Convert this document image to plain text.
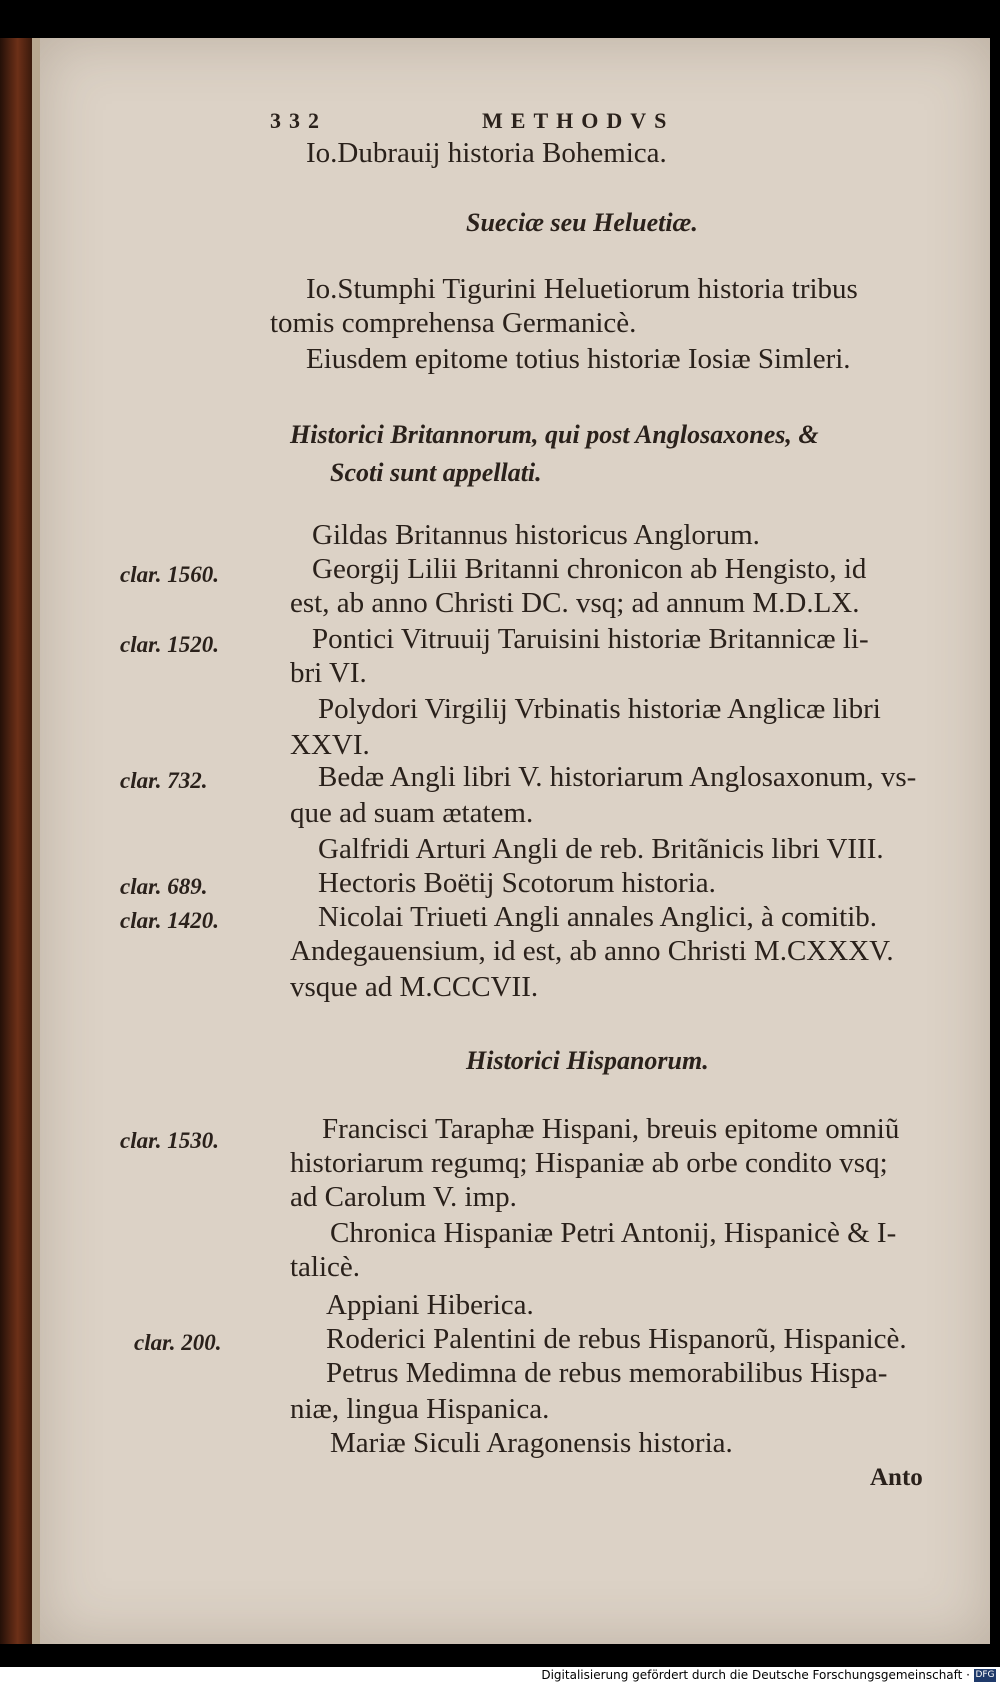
332	METHODVS
Io.Dubrauij historia Bohemica.
Sueciæ seu Heluetiæ.
Io.Stumphi Tigurini Heluetiorum historia tribus
tomis comprehensa Germanicè.
Eiusdem epitome totius historiæ Iosiæ Simleri.
Historici Britannorum, qui post Anglosaxones, &
Scoti sunt appellati.
Gildas Britannus historicus Anglorum.
Georgij Lilii Britanni chronicon ab Hengisto, id
est, ab anno Christi DC. vsq; ad annum M.D.LX.
Pontici Vitruuij Taruisini historiæ Britannicæ li-
bri VI.
Polydori Virgilij Vrbinatis historiæ Anglicæ libri
XXVI.
Bedæ Angli libri V. historiarum Anglosaxonum, vs-
que ad suam ætatem.
Galfridi Arturi Angli de reb. Britãnicis libri VIII.
Hectoris Boëtij Scotorum historia.
Nicolai Triueti Angli annales Anglici, à comitib.
Andegauensium, id est, ab anno Christi M.CXXXV.
vsque ad M.CCCVII.
Historici Hispanorum.
Francisci Taraphæ Hispani, breuis epitome omniũ
historiarum regumq; Hispaniæ ab orbe condito vsq;
ad Carolum V. imp.
Chronica Hispaniæ Petri Antonij, Hispanicè & I-
talicè.
Appiani Hiberica.
Roderici Palentini de rebus Hispanorũ, Hispanicè.
Petrus Medimna de rebus memorabilibus Hispa-
niæ, lingua Hispanica.
Mariæ Siculi Aragonensis historia.
clar. 1560.
clar. 1520.
clar. 732.
clar. 689.
clar. 1420.
clar. 1530.
clar. 200.
Anto
Digitalisierung gefördert durch die Deutsche Forschungsgemeinschaft · DFG
